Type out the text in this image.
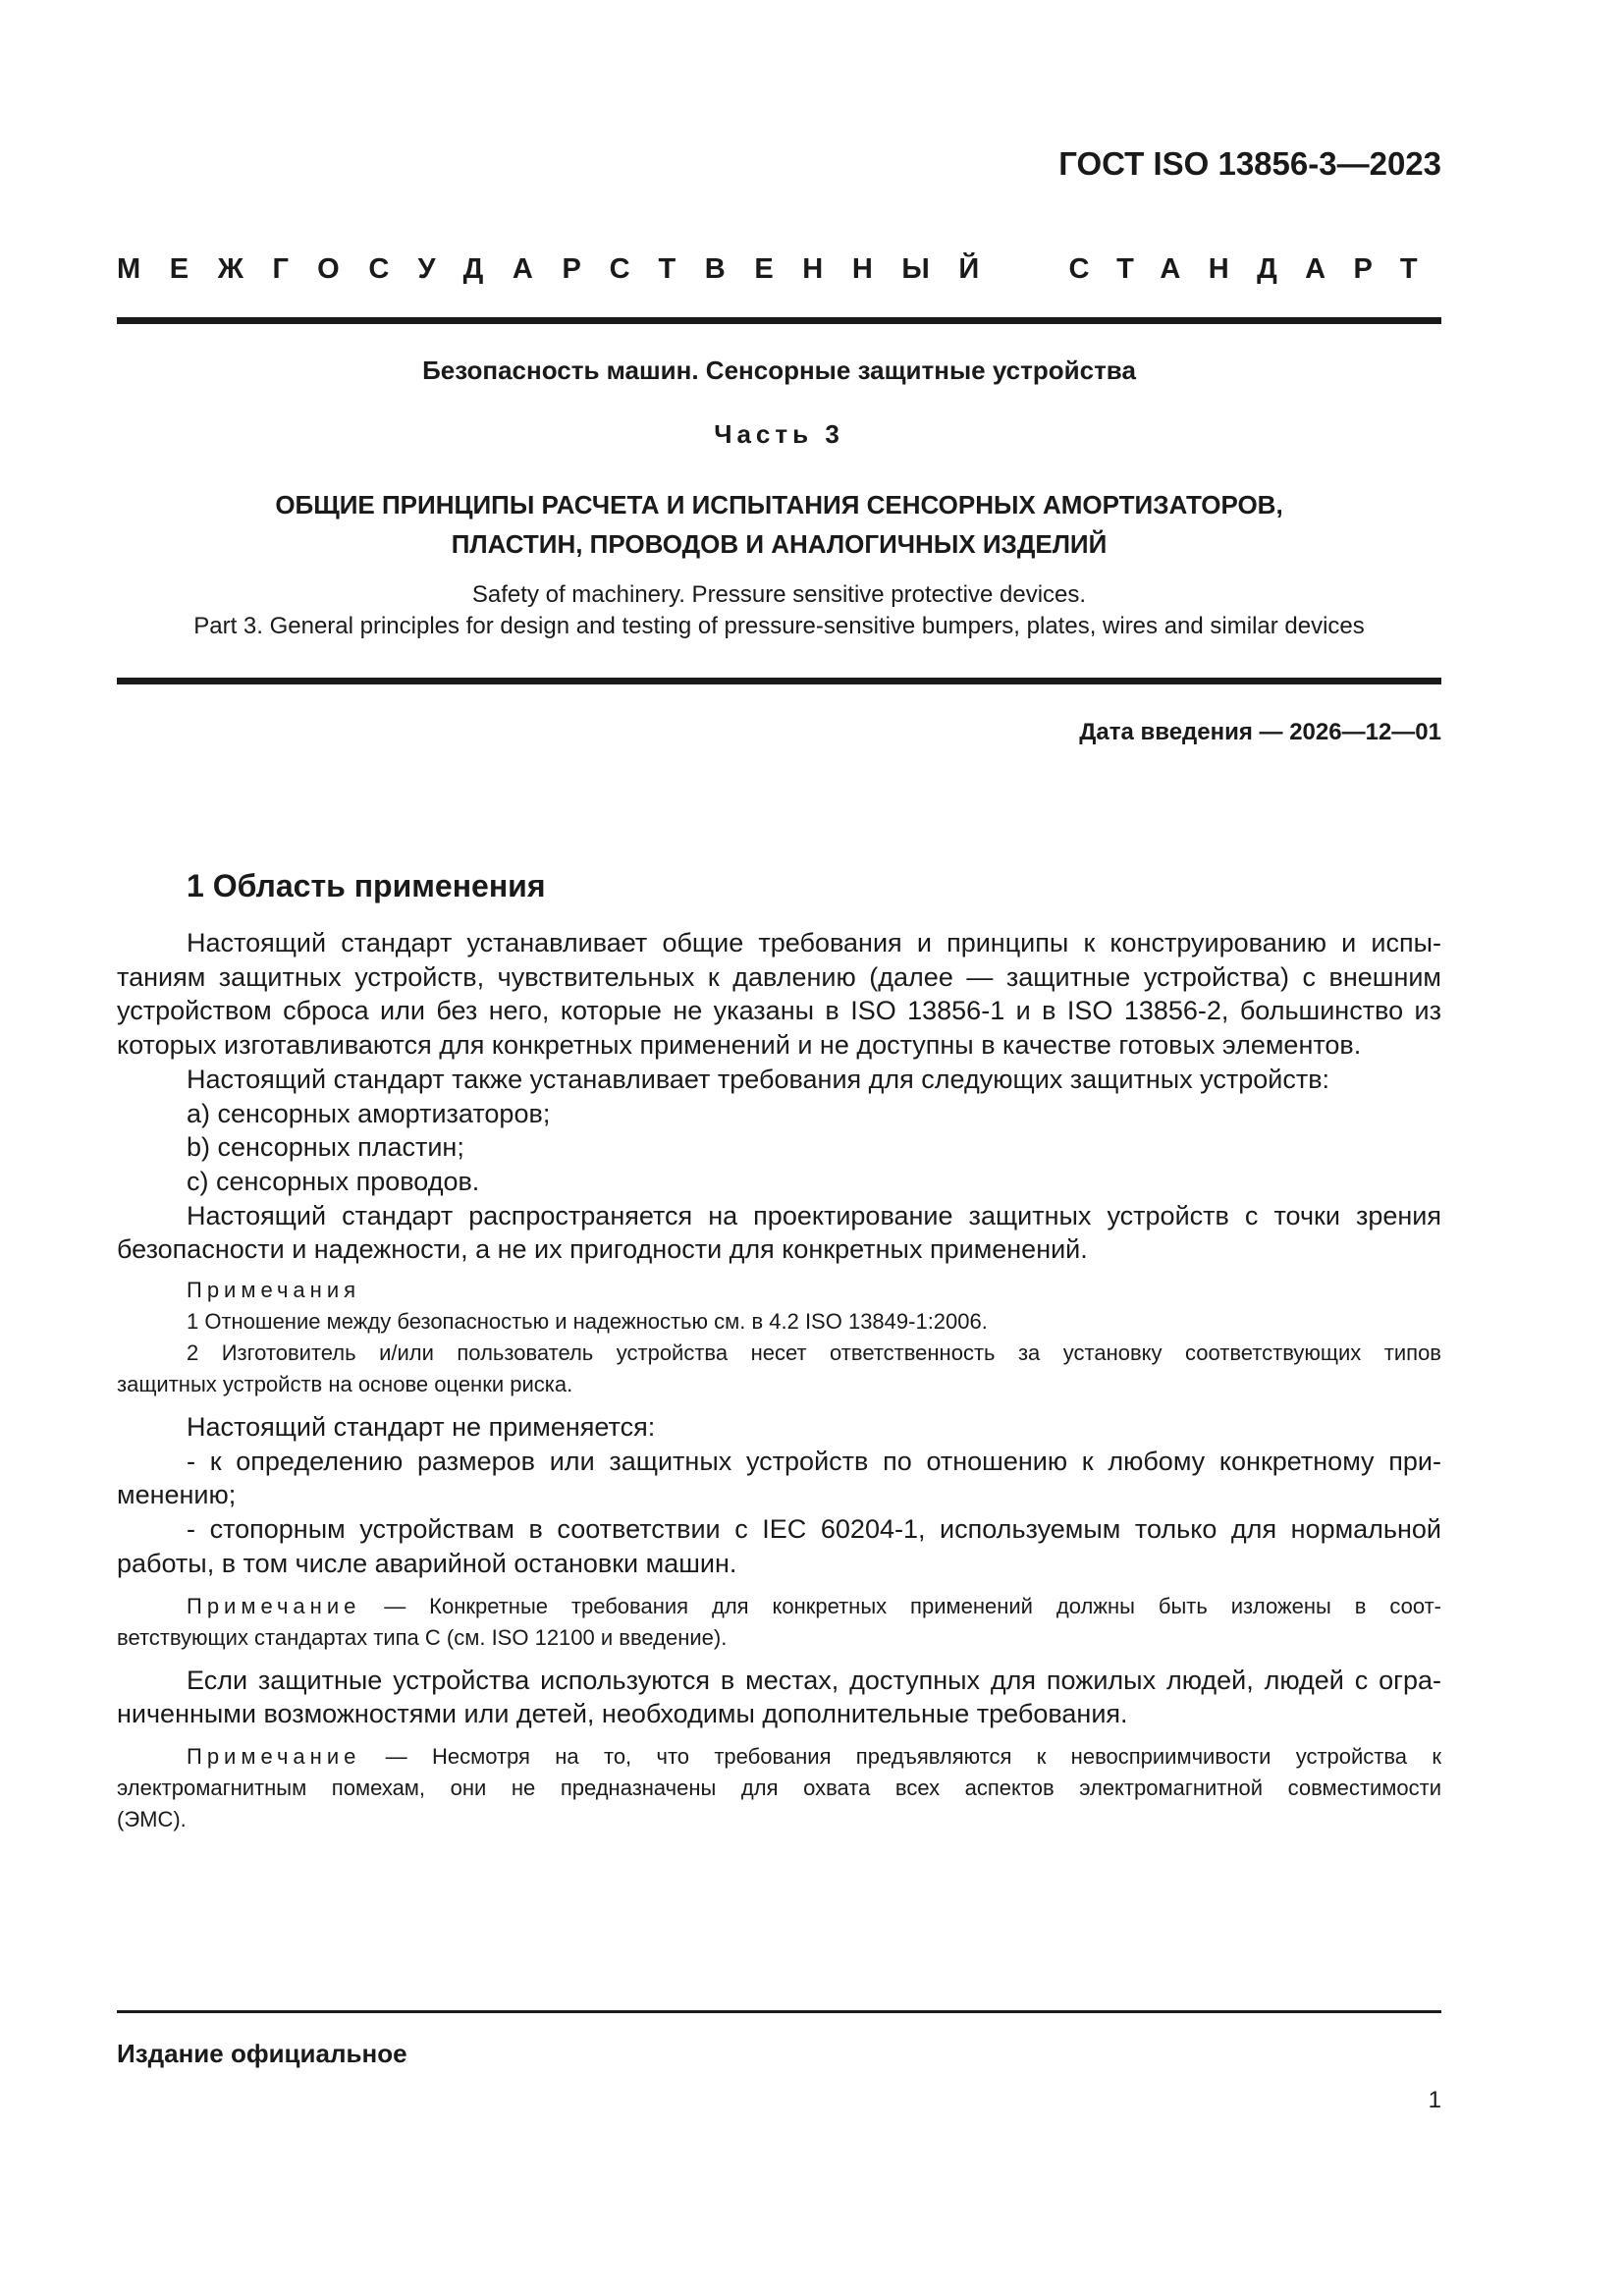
ГОСТ ISO 13856-3—2023
МЕЖГОСУДАРСТВЕННЫЙ СТАНДАРТ
Безопасность машин. Сенсорные защитные устройства
Часть 3
ОБЩИЕ ПРИНЦИПЫ РАСЧЕТА И ИСПЫТАНИЯ СЕНСОРНЫХ АМОРТИЗАТОРОВ,
ПЛАСТИН, ПРОВОДОВ И АНАЛОГИЧНЫХ ИЗДЕЛИЙ
Safety of machinery. Pressure sensitive protective devices.
Part 3. General principles for design and testing of pressure-sensitive bumpers, plates, wires and similar devices
Дата введения — 2026—12—01
1 Область применения

Настоящий стандарт устанавливает общие требования и принципы к конструированию и испы-

таниям защитных устройств, чувствительных к давлению (далее — защитные устройства) с внешним

устройством сброса или без него, которые не указаны в ISO 13856-1 и в ISO 13856-2, большинство из

которых изготавливаются для конкретных применений и не доступны в качестве готовых элементов.

Настоящий стандарт также устанавливает требования для следующих защитных устройств:

a) сенсорных амортизаторов;

b) сенсорных пластин;

c) сенсорных проводов.

Настоящий стандарт распространяется на проектирование защитных устройств с точки зрения

безопасности и надежности, а не их пригодности для конкретных применений.

Примечания

1 Отношение между безопасностью и надежностью см. в 4.2 ISO 13849-1:2006.

2 Изготовитель и/или пользователь устройства несет ответственность за установку соответствующих типов

защитных устройств на основе оценки риска.

Настоящий стандарт не применяется:

- к определению размеров или защитных устройств по отношению к любому конкретному при-

менению;

- стопорным устройствам в соответствии с IEC 60204-1, используемым только для нормальной

работы, в том числе аварийной остановки машин.

Примечание — Конкретные требования для конкретных применений должны быть изложены в соот-

ветствующих стандартах типа С (см. ISO 12100 и введение).

Если защитные устройства используются в местах, доступных для пожилых людей, людей с огра-

ниченными возможностями или детей, необходимы дополнительные требования.

Примечание — Несмотря на то, что требования предъявляются к невосприимчивости устройства к

электромагнитным помехам, они не предназначены для охвата всех аспектов электромагнитной совместимости

(ЭМС).

Издание официальное
1
